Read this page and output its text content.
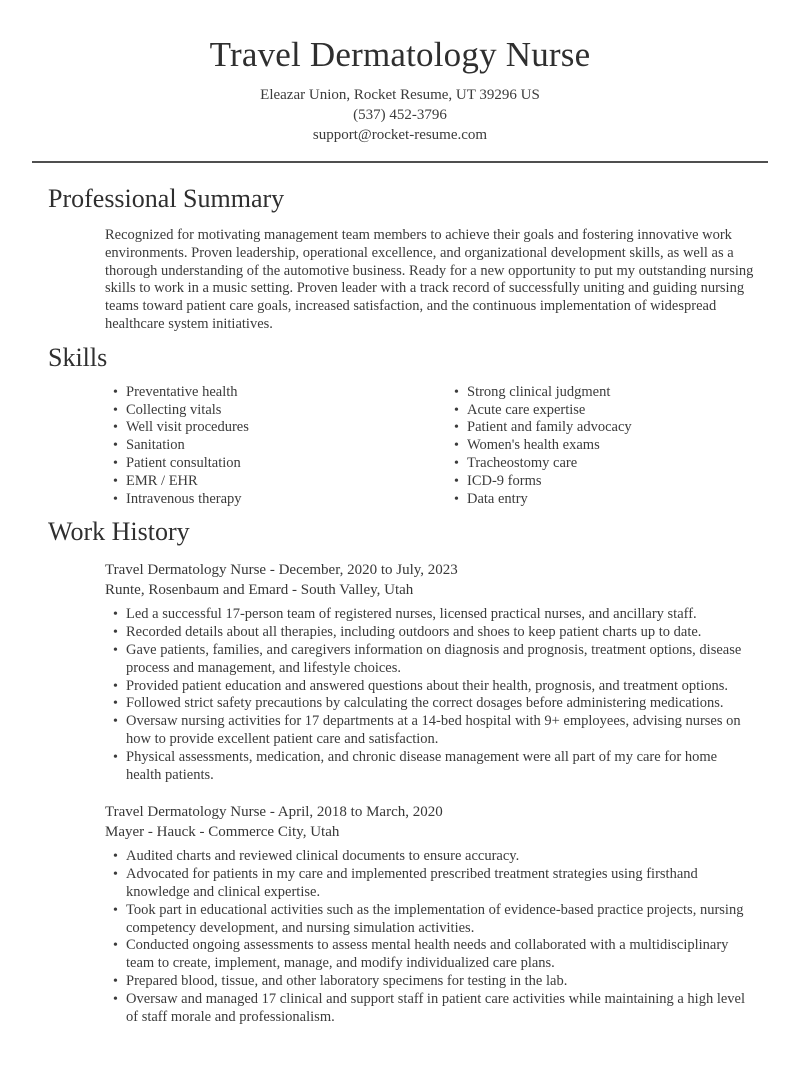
Travel Dermatology Nurse
Eleazar Union, Rocket Resume, UT 39296 US
(537) 452-3796
support@rocket-resume.com
Professional Summary

Recognized for motivating management team members to achieve their goals and fostering innovative work environments. Proven leadership, operational excellence, and organizational development skills, as well as a thorough understanding of the automotive business. Ready for a new opportunity to put my outstanding nursing skills to work in a music setting. Proven leader with a track record of successfully uniting and guiding nursing teams toward patient care goals, increased satisfaction, and the continuous implementation of widespread healthcare system initiatives.

Skills
• Preventative health
• Collecting vitals
• Well visit procedures
• Sanitation
• Patient consultation
• EMR / EHR
• Intravenous therapy
• Strong clinical judgment
• Acute care expertise
• Patient and family advocacy
• Women's health exams
• Tracheostomy care
• ICD-9 forms
• Data entry
Work History
Travel Dermatology Nurse - December, 2020 to July, 2023
Runte, Rosenbaum and Emard - South Valley, Utah
• Led a successful 17-person team of registered nurses, licensed practical nurses, and ancillary staff.
• Recorded details about all therapies, including outdoors and shoes to keep patient charts up to date.
• Gave patients, families, and caregivers information on diagnosis and prognosis, treatment options, disease process and management, and lifestyle choices.
• Provided patient education and answered questions about their health, prognosis, and treatment options.
• Followed strict safety precautions by calculating the correct dosages before administering medications.
• Oversaw nursing activities for 17 departments at a 14-bed hospital with 9+ employees, advising nurses on how to provide excellent patient care and satisfaction.
• Physical assessments, medication, and chronic disease management were all part of my care for home health patients.
Travel Dermatology Nurse - April, 2018 to March, 2020
Mayer - Hauck - Commerce City, Utah
• Audited charts and reviewed clinical documents to ensure accuracy.
• Advocated for patients in my care and implemented prescribed treatment strategies using firsthand knowledge and clinical expertise.
• Took part in educational activities such as the implementation of evidence-based practice projects, nursing competency development, and nursing simulation activities.
• Conducted ongoing assessments to assess mental health needs and collaborated with a multidisciplinary team to create, implement, manage, and modify individualized care plans.
• Prepared blood, tissue, and other laboratory specimens for testing in the lab.
• Oversaw and managed 17 clinical and support staff in patient care activities while maintaining a high level of staff morale and professionalism.
